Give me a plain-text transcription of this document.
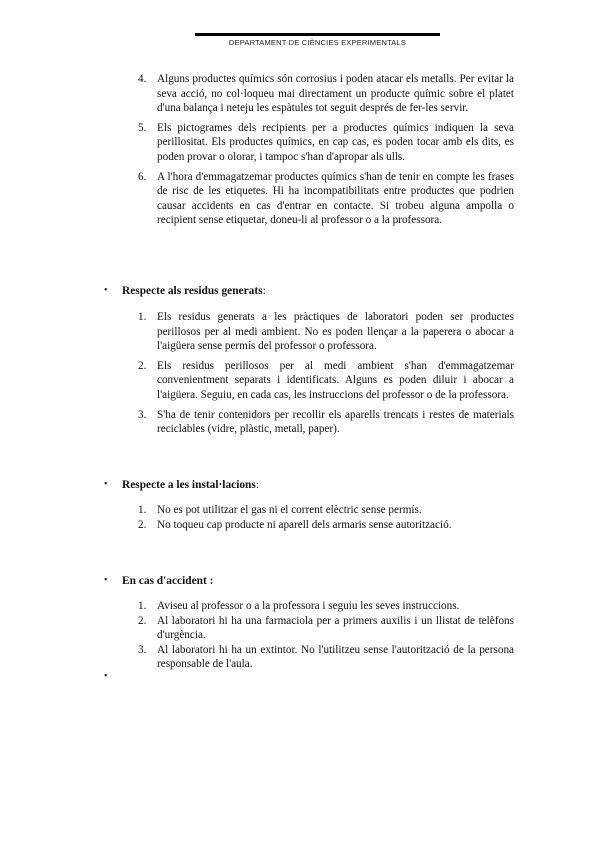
DEPARTAMENT DE CIÈNCIES EXPERIMENTALS
4. Alguns productes químics són corrosius i poden atacar els metalls. Per evitar la seva acció, no col·loqueu mai directament un producte químic sobre el platet d'una balança i neteju les espàtules tot seguit després de fer-les servir.
5. Els pictogrames dels recipients per a productes químics indiquen la seva perillositat. Els productes químics, en cap cas, es poden tocar amb els dits, es poden provar o olorar, i tampoc s'han d'apropar als ulls.
6. A l'hora d'emmagatzemar productes químics s'han de tenir en compte les frases de risc de les etiquetes. Hi ha incompatibilitats entre productes que podrien causar accidents en cas d'entrar en contacte. Si trobeu alguna ampolla o recipient sense etiquetar, doneu-li al professor o a la professora.
• Respecte als residus generats:
1. Els residus generats a les pràctiques de laboratori poden ser productes perillosos per al medi ambient. No es poden llençar a la paperera o abocar a l'aigüera sense permís del professor o professora.
2. Els residus perillosos per al medi ambient s'han d'emmagatzemar convenientment separats i identificats. Alguns es poden diluir i abocar a l'aigüera. Seguiu, en cada cas, les instruccions del professor o de la professora.
3. S'ha de tenir contenidors per recollir els aparells trencats i restes de materials reciclables (vidre, plàstic, metall, paper).
• Respecte a les instal·lacions:
1. No es pot utilitzar el gas ni el corrent elèctric sense permís.
2. No toqueu cap producte ni aparell dels armaris sense autorització.
• En cas d'accident :
1. Aviseu al professor o a la professora i seguiu les seves instruccions.
2. Al laboratori hi ha una farmaciola per a primers auxilis i un llistat de telèfons d'urgència.
3. Al laboratori hi ha un extintor. No l'utilitzeu sense l'autorització de la persona responsable de l'aula.
•
